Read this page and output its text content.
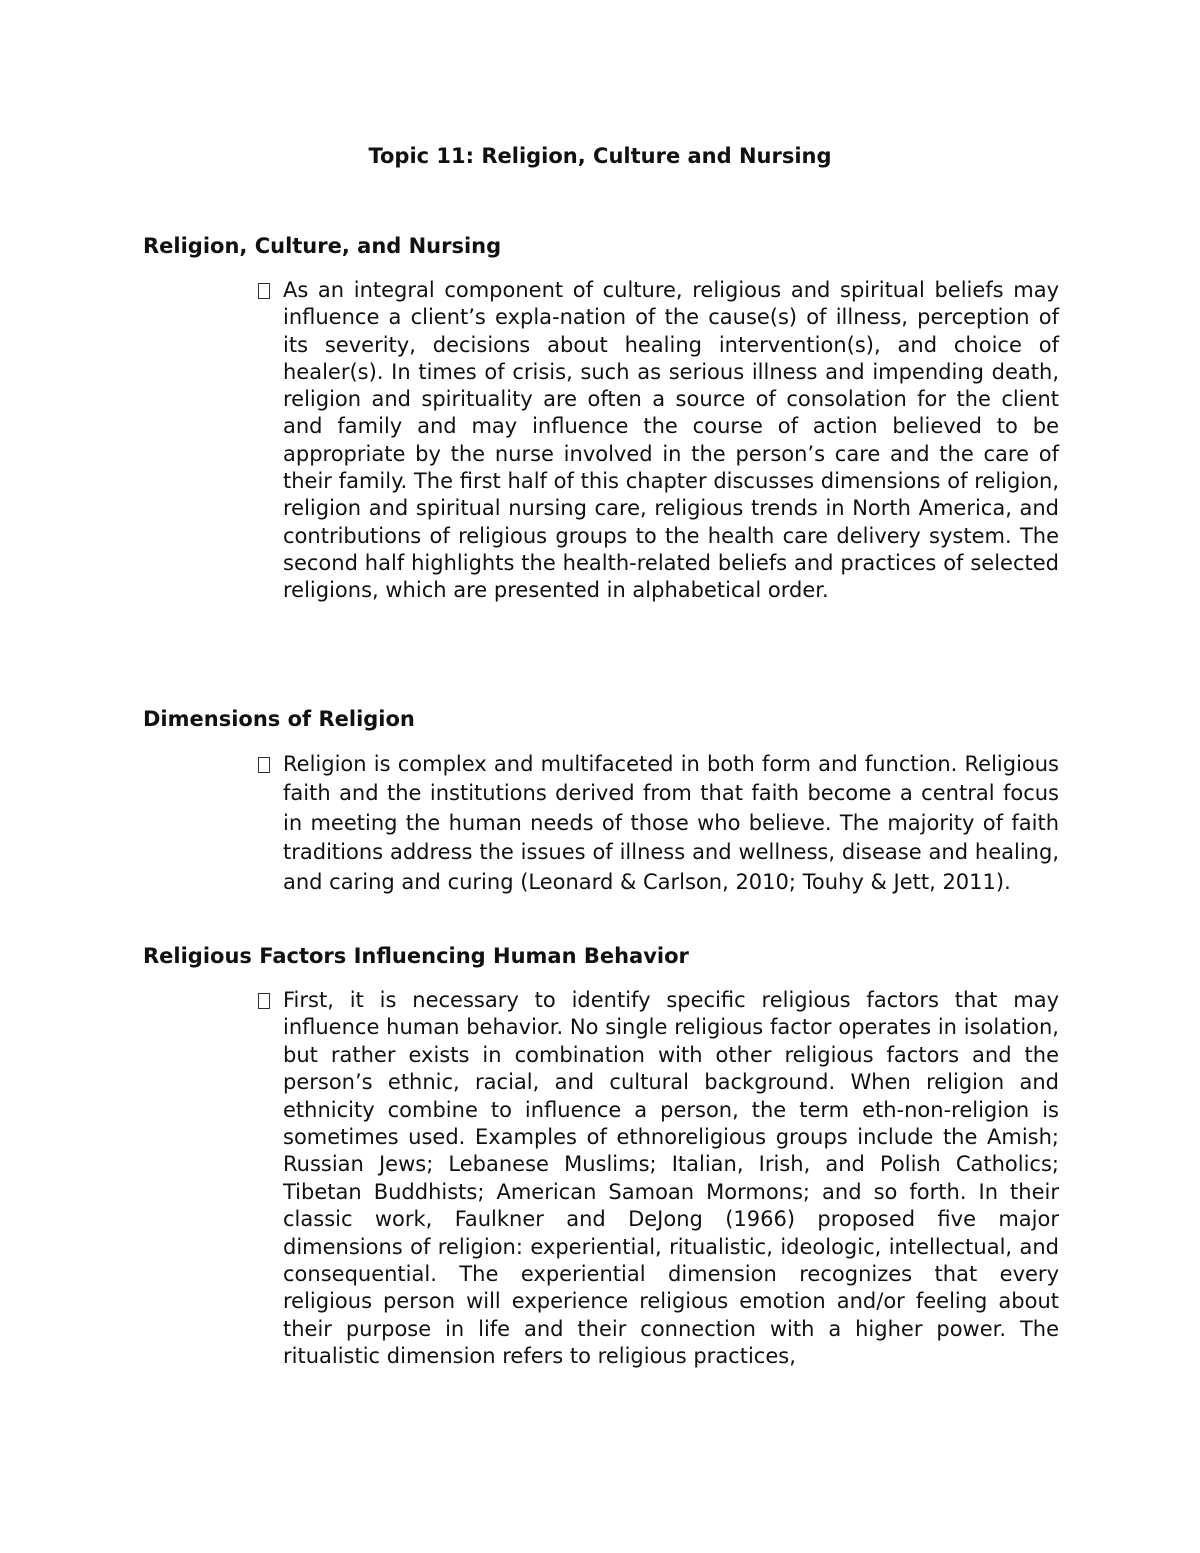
Topic 11: Religion, Culture and Nursing
Religion, Culture, and Nursing
As an integral component of culture, religious and spiritual beliefs may influence a client’s expla-nation of the cause(s) of illness, perception of its severity, decisions about healing intervention(s), and choice of healer(s). In times of crisis, such as serious illness and impending death, religion and spirituality are often a source of consolation for the client and family and may influence the course of action believed to be appropriate by the nurse involved in the person’s care and the care of their family. The first half of this chapter discusses dimensions of religion, religion and spiritual nursing care, religious trends in North America, and contributions of religious groups to the health care delivery system. The second half highlights the health-related beliefs and practices of selected religions, which are presented in alphabetical order.
Dimensions of Religion
Religion is complex and multifaceted in both form and function. Religious faith and the institutions derived from that faith become a central focus in meeting the human needs of those who believe. The majority of faith traditions address the issues of illness and wellness, disease and healing, and caring and curing (Leonard & Carlson, 2010; Touhy & Jett, 2011).
Religious Factors Influencing Human Behavior
First, it is necessary to identify specific religious factors that may influence human behavior. No single religious factor operates in isolation, but rather exists in combination with other religious factors and the person’s ethnic, racial, and cultural background. When religion and ethnicity combine to influence a person, the term eth-non-religion is sometimes used. Examples of ethnoreligious groups include the Amish; Russian Jews; Lebanese Muslims; Italian, Irish, and Polish Catholics; Tibetan Buddhists; American Samoan Mormons; and so forth. In their classic work, Faulkner and DeJong (1966) proposed five major dimensions of religion: experiential, ritualistic, ideologic, intellectual, and consequential. The experiential dimension recognizes that every religious person will experience religious emotion and/or feeling about their purpose in life and their connection with a higher power. The ritualistic dimension refers to religious practices,
